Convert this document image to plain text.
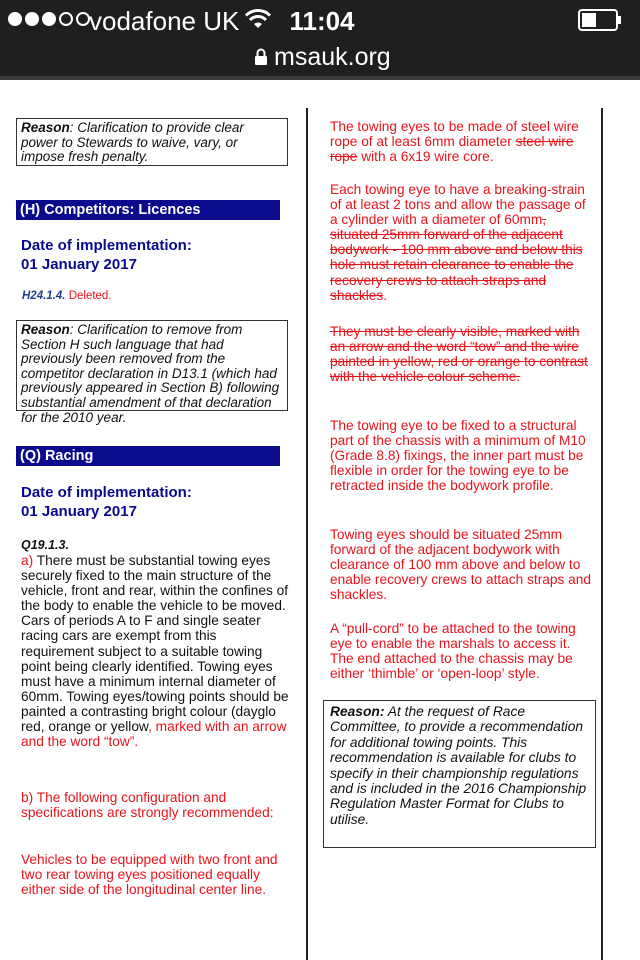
vodafone UK 11:04
msauk.org
Reason: Clarification to provide clear power to Stewards to waive, vary, or impose fresh penalty.
(H) Competitors: Licences
Date of implementation:
01 January 2017
H24.1.4. Deleted.
Reason: Clarification to remove from Section H such language that had previously been removed from the competitor declaration in D13.1 (which had previously appeared in Section B) following substantial amendment of that declaration for the 2010 year.
(Q) Racing
Date of implementation:
01 January 2017
Q19.1.3.
a) There must be substantial towing eyes securely fixed to the main structure of the vehicle, front and rear, within the confines of the body to enable the vehicle to be moved. Cars of periods A to F and single seater racing cars are exempt from this requirement subject to a suitable towing point being clearly identified. Towing eyes must have a minimum internal diameter of 60mm. Towing eyes/towing points should be painted a contrasting bright colour (dayglo red, orange or yellow, marked with an arrow and the word “tow”.
b) The following configuration and specifications are strongly recommended:
Vehicles to be equipped with two front and two rear towing eyes positioned equally either side of the longitudinal center line.
The towing eyes to be made of steel wire rope of at least 6mm diameter steel wire rope with a 6x19 wire core.
Each towing eye to have a breaking-strain of at least 2 tons and allow the passage of a cylinder with a diameter of 60mm, situated 25mm forward of the adjacent bodywork - 100 mm above and below this hole must retain clearance to enable the recovery crews to attach straps and shackles.
They must be clearly visible, marked with an arrow and the word “tow” and the wire painted in yellow, red or orange to contrast with the vehicle colour scheme.
The towing eye to be fixed to a structural part of the chassis with a minimum of M10 (Grade 8.8) fixings, the inner part must be flexible in order for the towing eye to be retracted inside the bodywork profile.
Towing eyes should be situated 25mm forward of the adjacent bodywork with clearance of 100 mm above and below to enable recovery crews to attach straps and shackles.
A “pull-cord” to be attached to the towing eye to enable the marshals to access it. The end attached to the chassis may be either ‘thimble’ or ‘open-loop’ style.
Reason: At the request of Race Committee, to provide a recommendation for additional towing points. This recommendation is available for clubs to specify in their championship regulations and is included in the 2016 Championship Regulation Master Format for Clubs to utilise.
